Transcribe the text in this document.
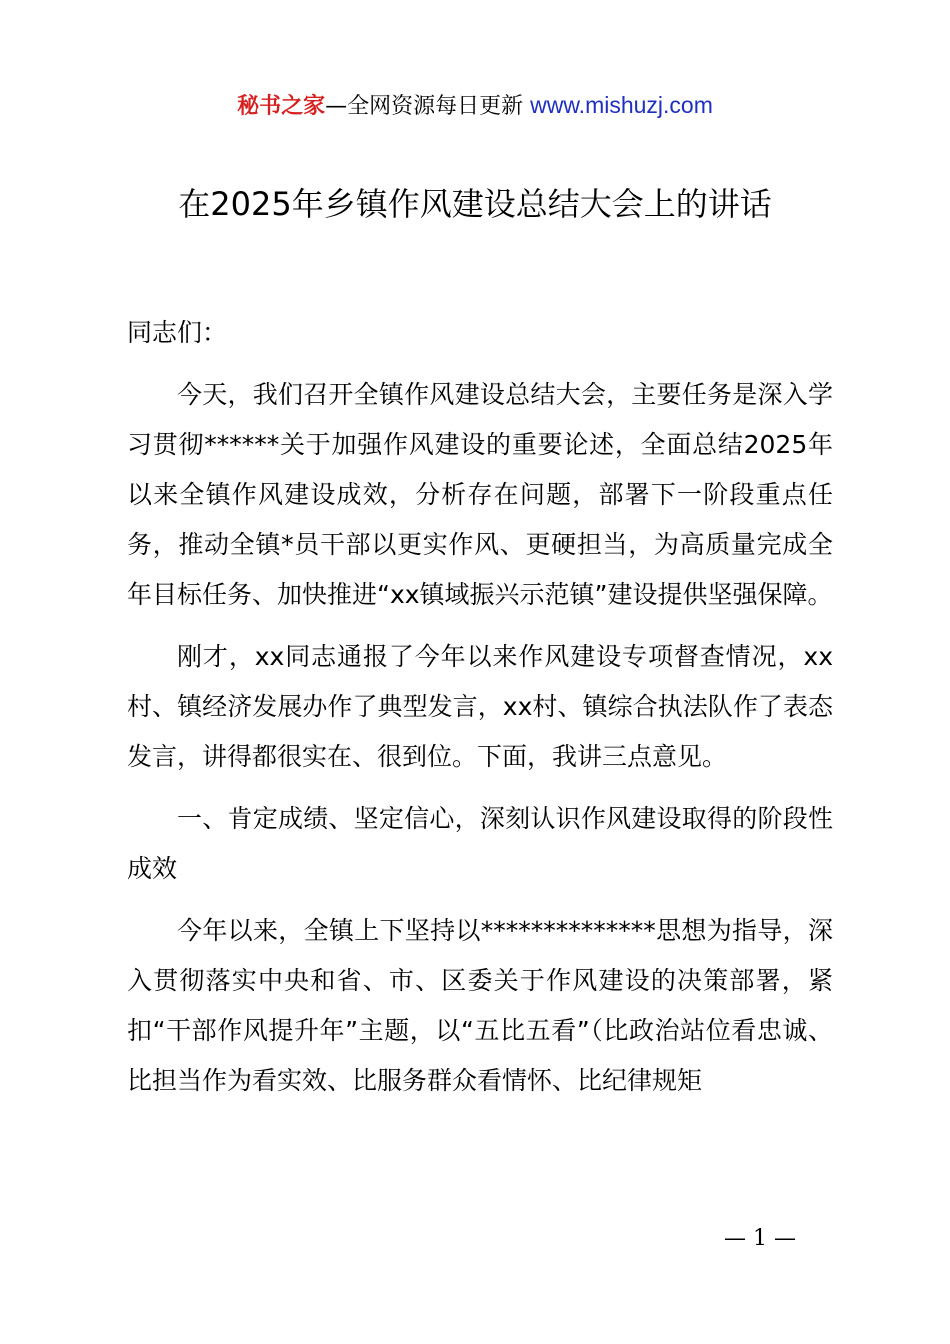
秘书之家—全网资源每日更新 www.mishuzj.com
在2025年乡镇作风建设总结大会上的讲话

同志们：

今天，我们召开全镇作风建设总结大会，主要任务是深入学习贯彻******关于加强作风建设的重要论述，全面总结2025年以来全镇作风建设成效，分析存在问题，部署下一阶段重点任务，推动全镇*员干部以更实作风、更硬担当，为高质量完成全年目标任务、加快推进“xx镇域振兴示范镇”建设提供坚强保障。

刚才，xx同志通报了今年以来作风建设专项督查情况，xx村、镇经济发展办作了典型发言，xx村、镇综合执法队作了表态发言，讲得都很实在、很到位。下面，我讲三点意见。

一、肯定成绩、坚定信心，深刻认识作风建设取得的阶段性成效

今年以来，全镇上下坚持以**************思想为指导，深入贯彻落实中央和省、市、区委关于作风建设的决策部署，紧扣“干部作风提升年”主题，以“五比五看”（比政治站位看忠诚、比担当作为看实效、比服务群众看情怀、比纪律规矩

— 1 —
